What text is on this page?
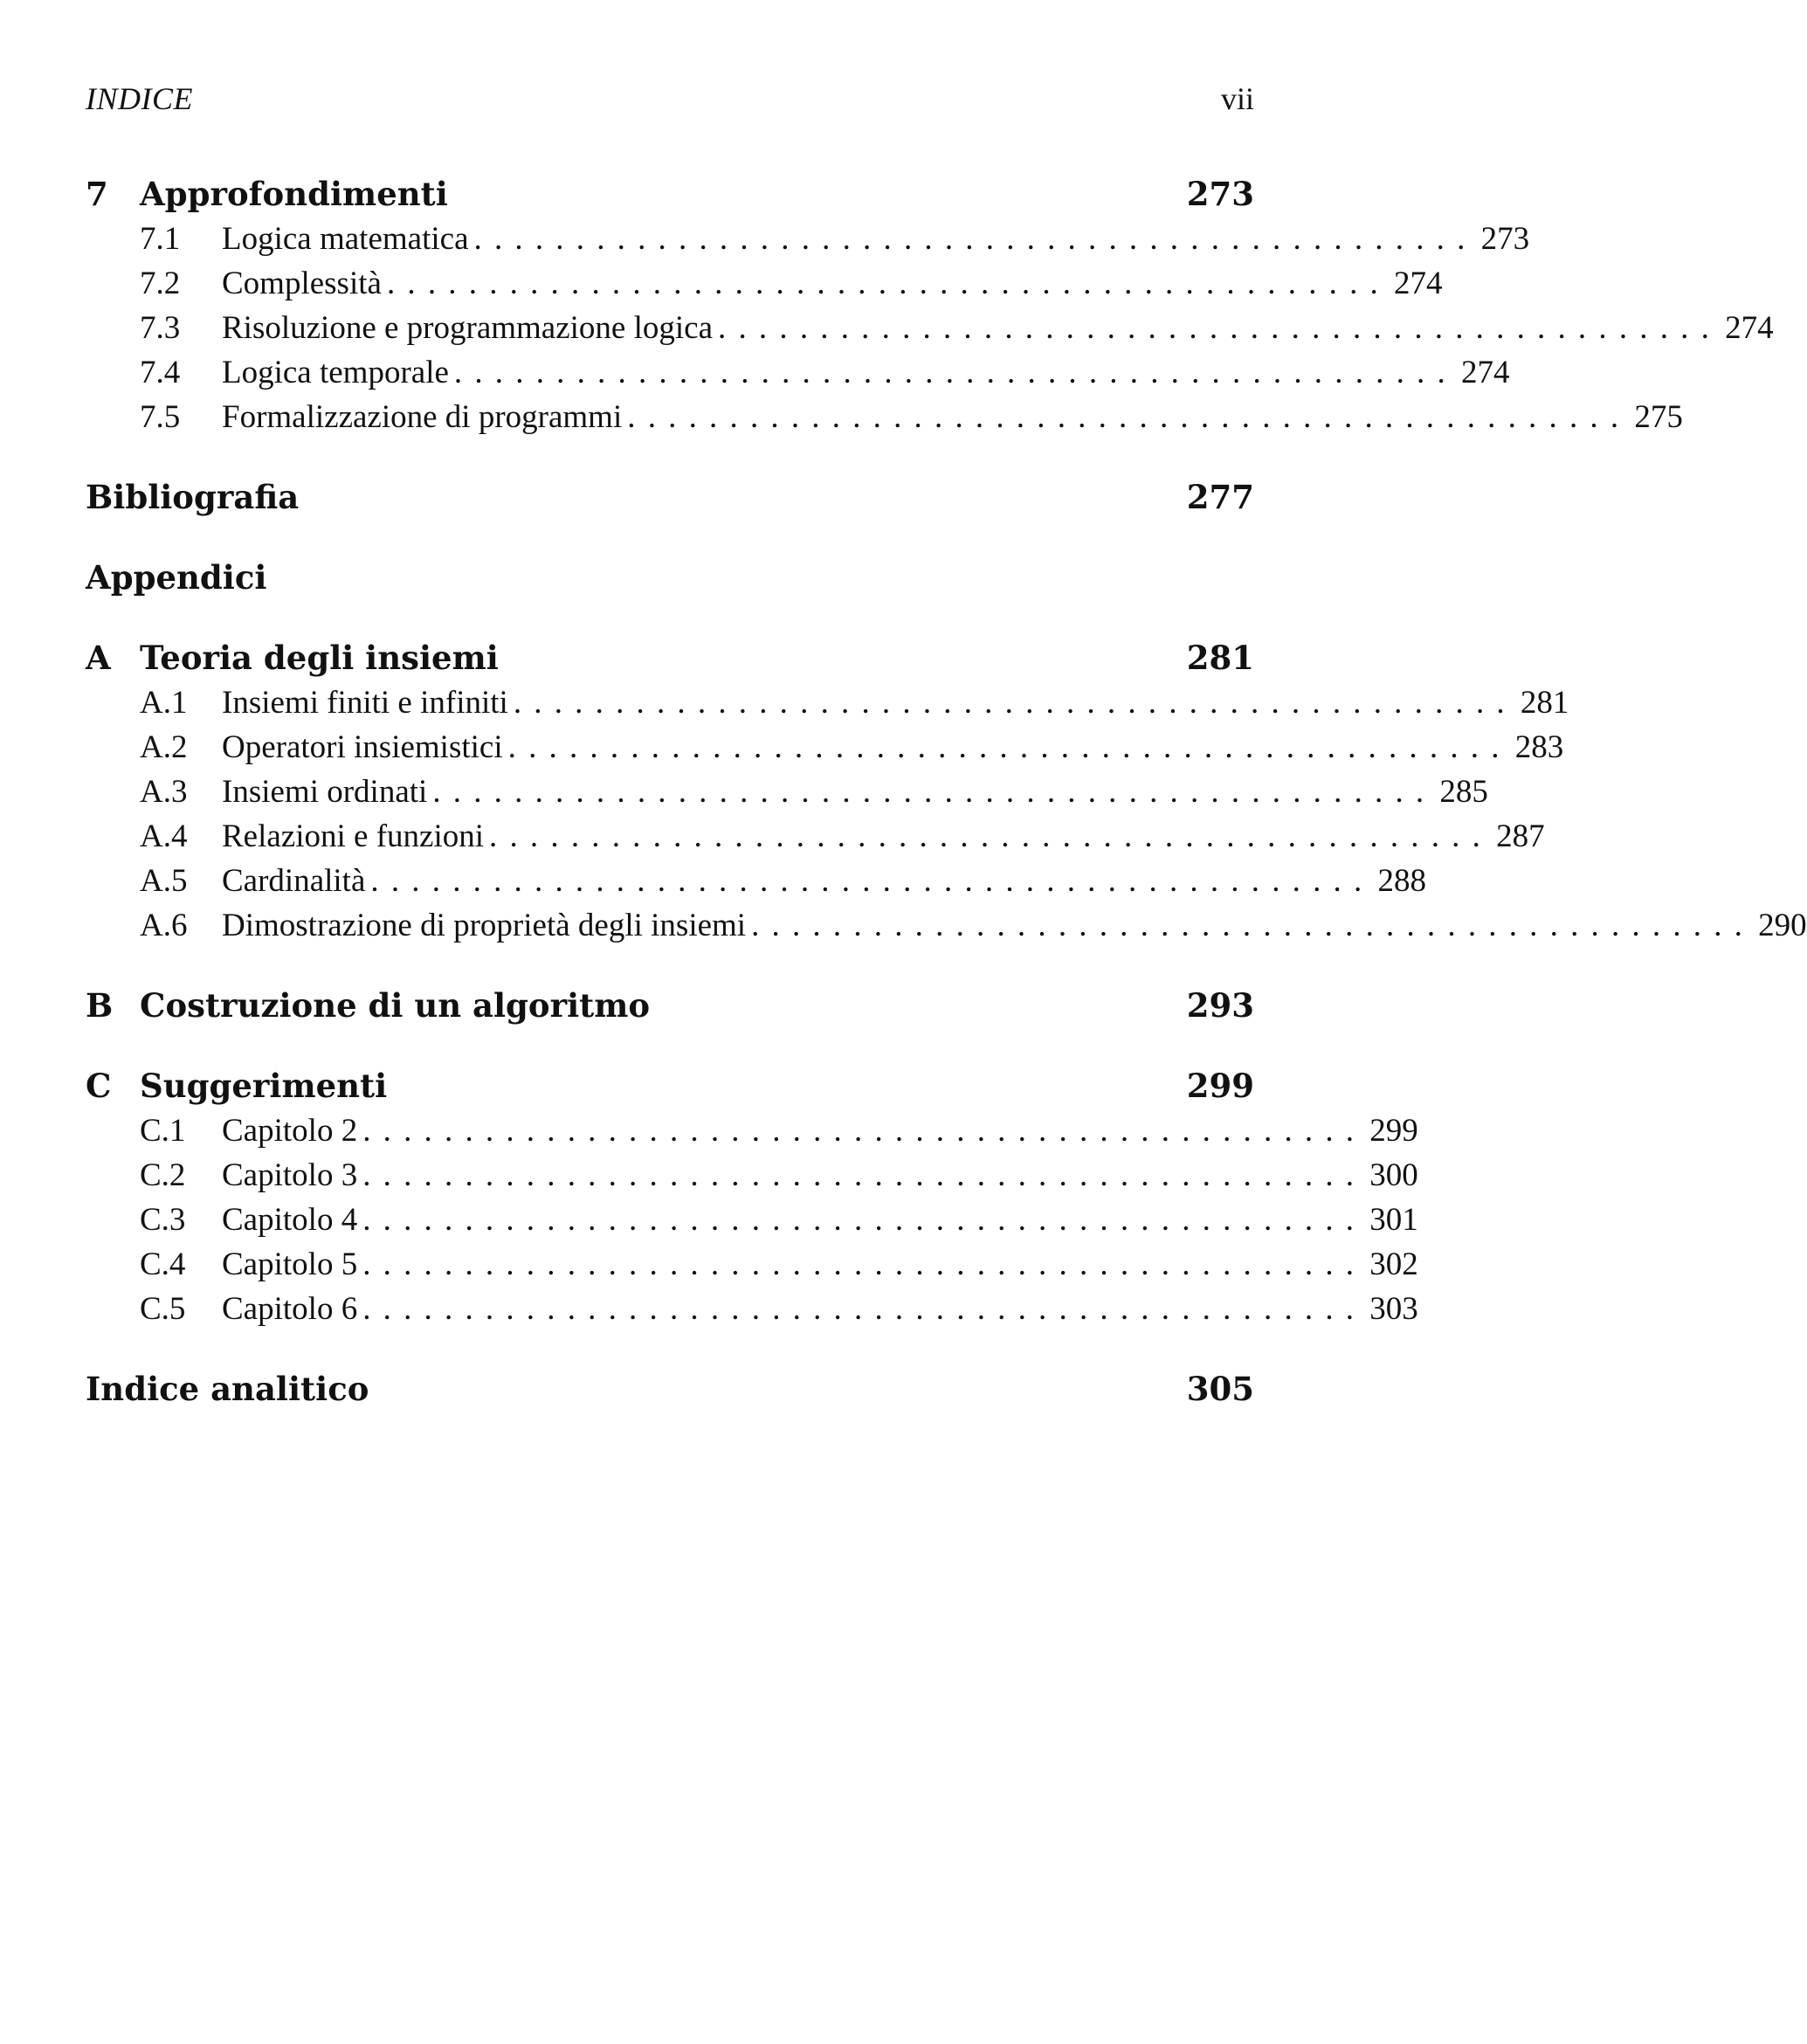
INDICE	vii
7 Approfondimenti	273
7.1	Logica matematica ................................................. 273
7.2	Complessità ................................................. 274
7.3	Risoluzione e programmazione logica ................................................. 274
7.4	Logica temporale ................................................. 274
7.5	Formalizzazione di programmi ................................................. 275
Bibliografia	277
Appendici
A Teoria degli insiemi	281
A.1	Insiemi finiti e infiniti ................................................. 281
A.2	Operatori insiemistici ................................................. 283
A.3	Insiemi ordinati ................................................. 285
A.4	Relazioni e funzioni ................................................. 287
A.5	Cardinalità ................................................. 288
A.6	Dimostrazione di proprietà degli insiemi ................................................. 290
B Costruzione di un algoritmo	293
C Suggerimenti	299
C.1	Capitolo 2 ................................................. 299
C.2	Capitolo 3 ................................................. 300
C.3	Capitolo 4 ................................................. 301
C.4	Capitolo 5 ................................................. 302
C.5	Capitolo 6 ................................................. 303
Indice analitico	305
